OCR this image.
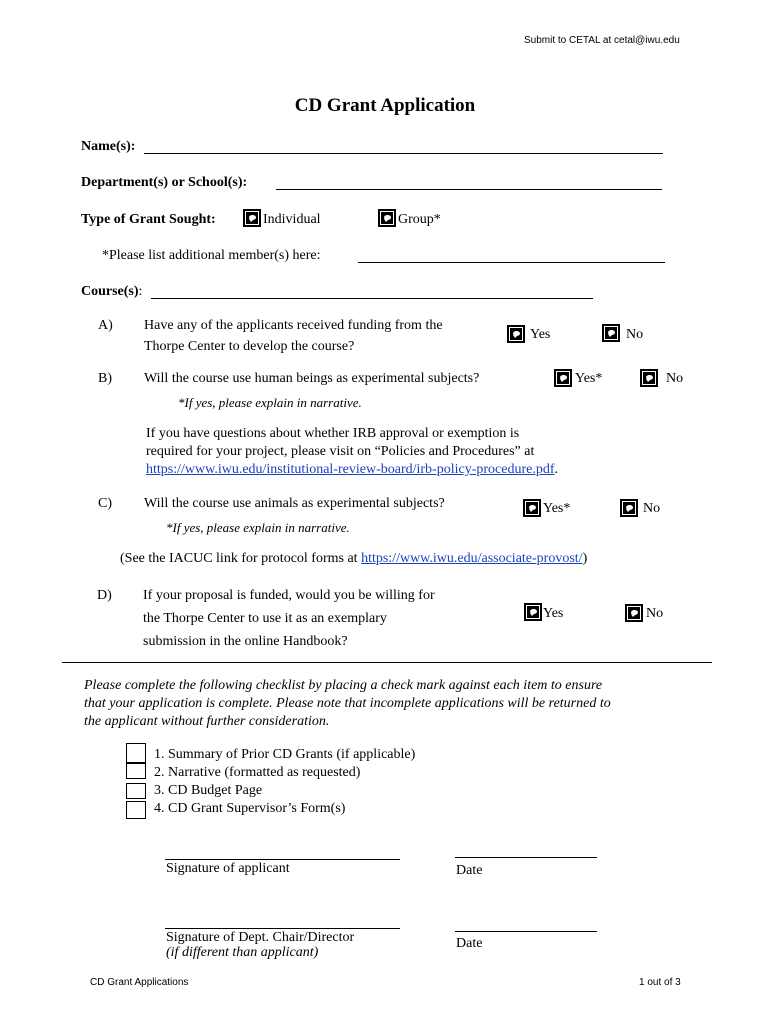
Submit to CETAL at cetal@iwu.edu
CD Grant Application
Name(s):
Department(s) or School(s):
Type of Grant Sought:	Individual	Group*
*Please list additional member(s) here:
Course(s):
A) Have any of the applicants received funding from the
Thorpe Center to develop the course?
Yes	No
B) Will the course use human beings as experimental subjects?	Yes*	No
*If yes, please explain in narrative.
If you have questions about whether IRB approval or exemption is
required for your project, please visit on “Policies and Procedures” at
https://www.iwu.edu/institutional-review-board/irb-policy-procedure.pdf.
C) Will the course use animals as experimental subjects?	Yes*	No
*If yes, please explain in narrative.
(See the IACUC link for protocol forms at https://www.iwu.edu/associate-provost/)
D) If your proposal is funded, would you be willing for
the Thorpe Center to use it as an exemplary
submission in the online Handbook?
Yes	No
Please complete the following checklist by placing a check mark against each item to ensure
that your application is complete. Please note that incomplete applications will be returned to
the applicant without further consideration.
1. Summary of Prior CD Grants (if applicable)
2. Narrative (formatted as requested)
3. CD Budget Page
4. CD Grant Supervisor’s Form(s)
Signature of applicant	Date
Signature of Dept. Chair/Director
(if different than applicant)
Date
CD Grant Applications	1 out of 3
